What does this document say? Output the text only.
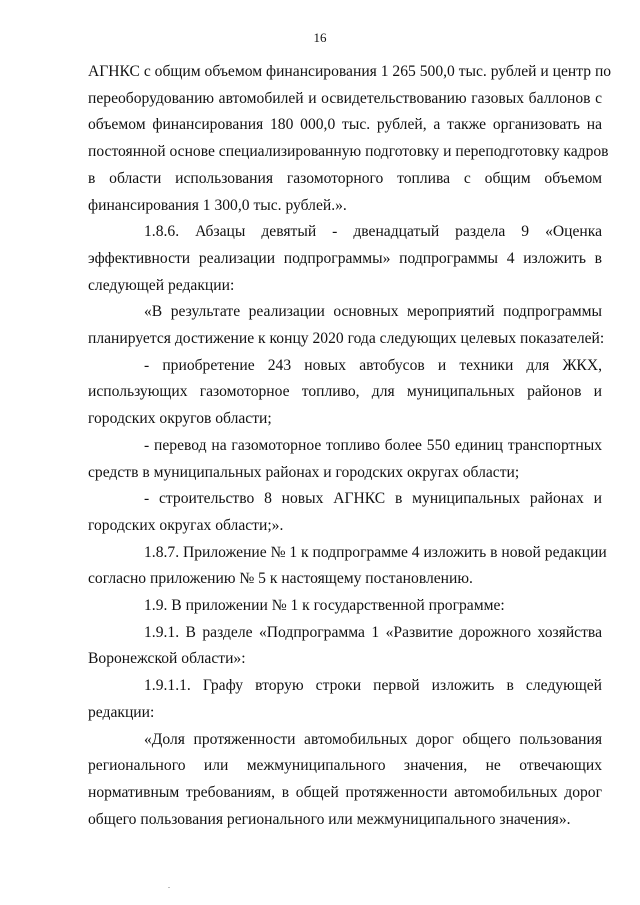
16
АГНКС с общим объемом финансирования 1 265 500,0 тыс. рублей и центр по
переоборудованию автомобилей и освидетельствованию газовых баллонов с
объемом финансирования 180 000,0 тыс. рублей, а также организовать на
постоянной основе специализированную подготовку и переподготовку кадров
в области использования газомоторного топлива с общим объемом
финансирования 1 300,0 тыс. рублей.».
1.8.6. Абзацы девятый - двенадцатый раздела 9 «Оценка
эффективности реализации подпрограммы» подпрограммы 4 изложить в
следующей редакции:
«В результате реализации основных мероприятий подпрограммы
планируется достижение к концу 2020 года следующих целевых показателей:
- приобретение 243 новых автобусов и техники для ЖКХ,
использующих газомоторное топливо, для муниципальных районов и
городских округов области;
- перевод на газомоторное топливо более 550 единиц транспортных
средств в муниципальных районах и городских округах области;
- строительство 8 новых АГНКС в муниципальных районах и
городских округах области;».
1.8.7. Приложение № 1 к подпрограмме 4 изложить в новой редакции
согласно приложению № 5 к настоящему постановлению.
1.9. В приложении № 1 к государственной программе:
1.9.1. В разделе «Подпрограмма 1 «Развитие дорожного хозяйства
Воронежской области»:
1.9.1.1. Графу вторую строки первой изложить в следующей
редакции:
«Доля протяженности автомобильных дорог общего пользования
регионального или межмуниципального значения, не отвечающих
нормативным требованиям, в общей протяженности автомобильных дорог
общего пользования регионального или межмуниципального значения».
